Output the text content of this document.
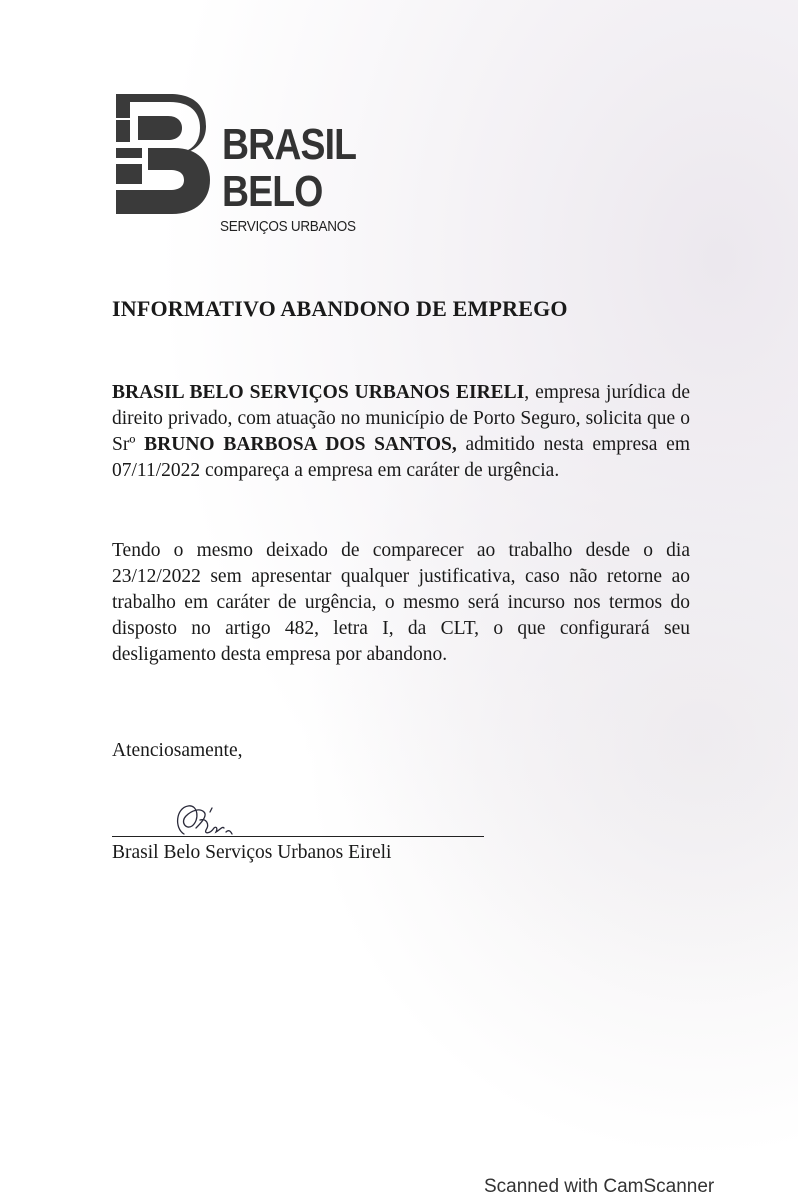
BRASIL
BELO
SERVIÇOS URBANOS
INFORMATIVO ABANDONO DE EMPREGO

BRASIL BELO SERVIÇOS URBANOS EIRELI, empresa jurídica de direito privado, com atuação no município de Porto Seguro, solicita que o Srº BRUNO BARBOSA DOS SANTOS, admitido nesta empresa em 07/11/2022 compareça a empresa em caráter de urgência.

Tendo o mesmo deixado de comparecer ao trabalho desde o dia 23/12/2022 sem apresentar qualquer justificativa, caso não retorne ao trabalho em caráter de urgência, o mesmo será incurso nos termos do disposto no artigo 482, letra I, da CLT, o que configurará seu desligamento desta empresa por abandono.

Atenciosamente,

Brasil Belo Serviços Urbanos Eireli

Scanned with CamScanner
